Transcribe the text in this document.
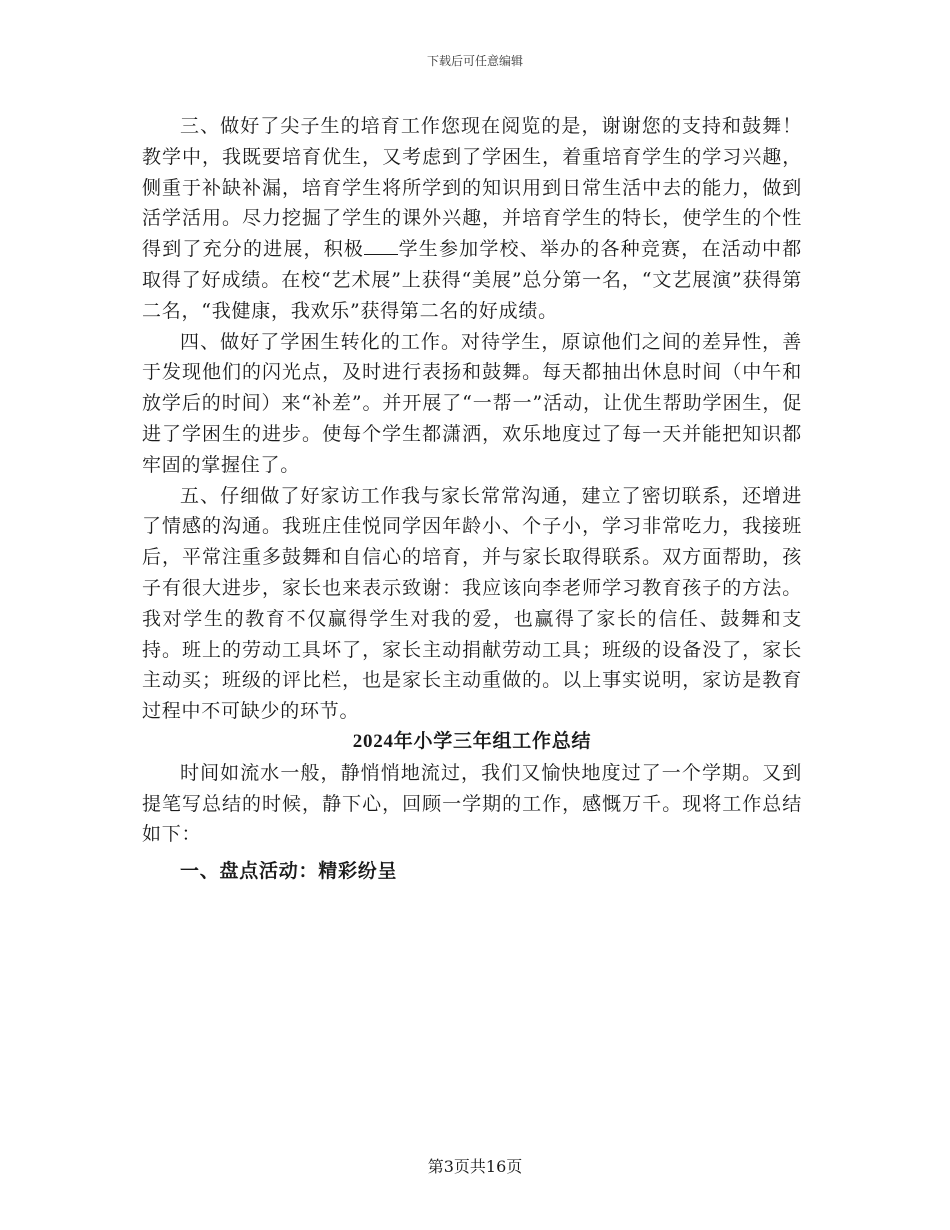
下载后可任意编辑

三、做好了尖子生的培育工作您现在阅览的是，谢谢您的支持和鼓舞！教学中，我既要培育优生，又考虑到了学困生，着重培育学生的学习兴趣，侧重于补缺补漏，培育学生将所学到的知识用到日常生活中去的能力，做到活学活用。尽力挖掘了学生的课外兴趣，并培育学生的特长，使学生的个性得到了充分的进展，积极 学生参加学校、举办的各种竞赛，在活动中都取得了好成绩。在校“艺术展”上获得“美展”总分第一名，“文艺展演”获得第二名，“我健康，我欢乐”获得第二名的好成绩。

四、做好了学困生转化的工作。对待学生，原谅他们之间的差异性，善于发现他们的闪光点，及时进行表扬和鼓舞。每天都抽出休息时间（中午和放学后的时间）来“补差”。并开展了“一帮一”活动，让优生帮助学困生，促进了学困生的进步。使每个学生都潇洒，欢乐地度过了每一天并能把知识都牢固的掌握住了。

五、仔细做了好家访工作我与家长常常沟通，建立了密切联系，还增进了情感的沟通。我班庄佳悦同学因年龄小、个子小，学习非常吃力，我接班后，平常注重多鼓舞和自信心的培育，并与家长取得联系。双方面帮助，孩子有很大进步，家长也来表示致谢：我应该向李老师学习教育孩子的方法。我对学生的教育不仅赢得学生对我的爱，也赢得了家长的信任、鼓舞和支持。班上的劳动工具坏了，家长主动捐献劳动工具；班级的设备没了，家长主动买；班级的评比栏，也是家长主动重做的。以上事实说明，家访是教育过程中不可缺少的环节。

2024年小学三年组工作总结

时间如流水一般，静悄悄地流过，我们又愉快地度过了一个学期。又到提笔写总结的时候，静下心，回顾一学期的工作，感慨万千。现将工作总结如下：

一、盘点活动：精彩纷呈

第3页共16页
